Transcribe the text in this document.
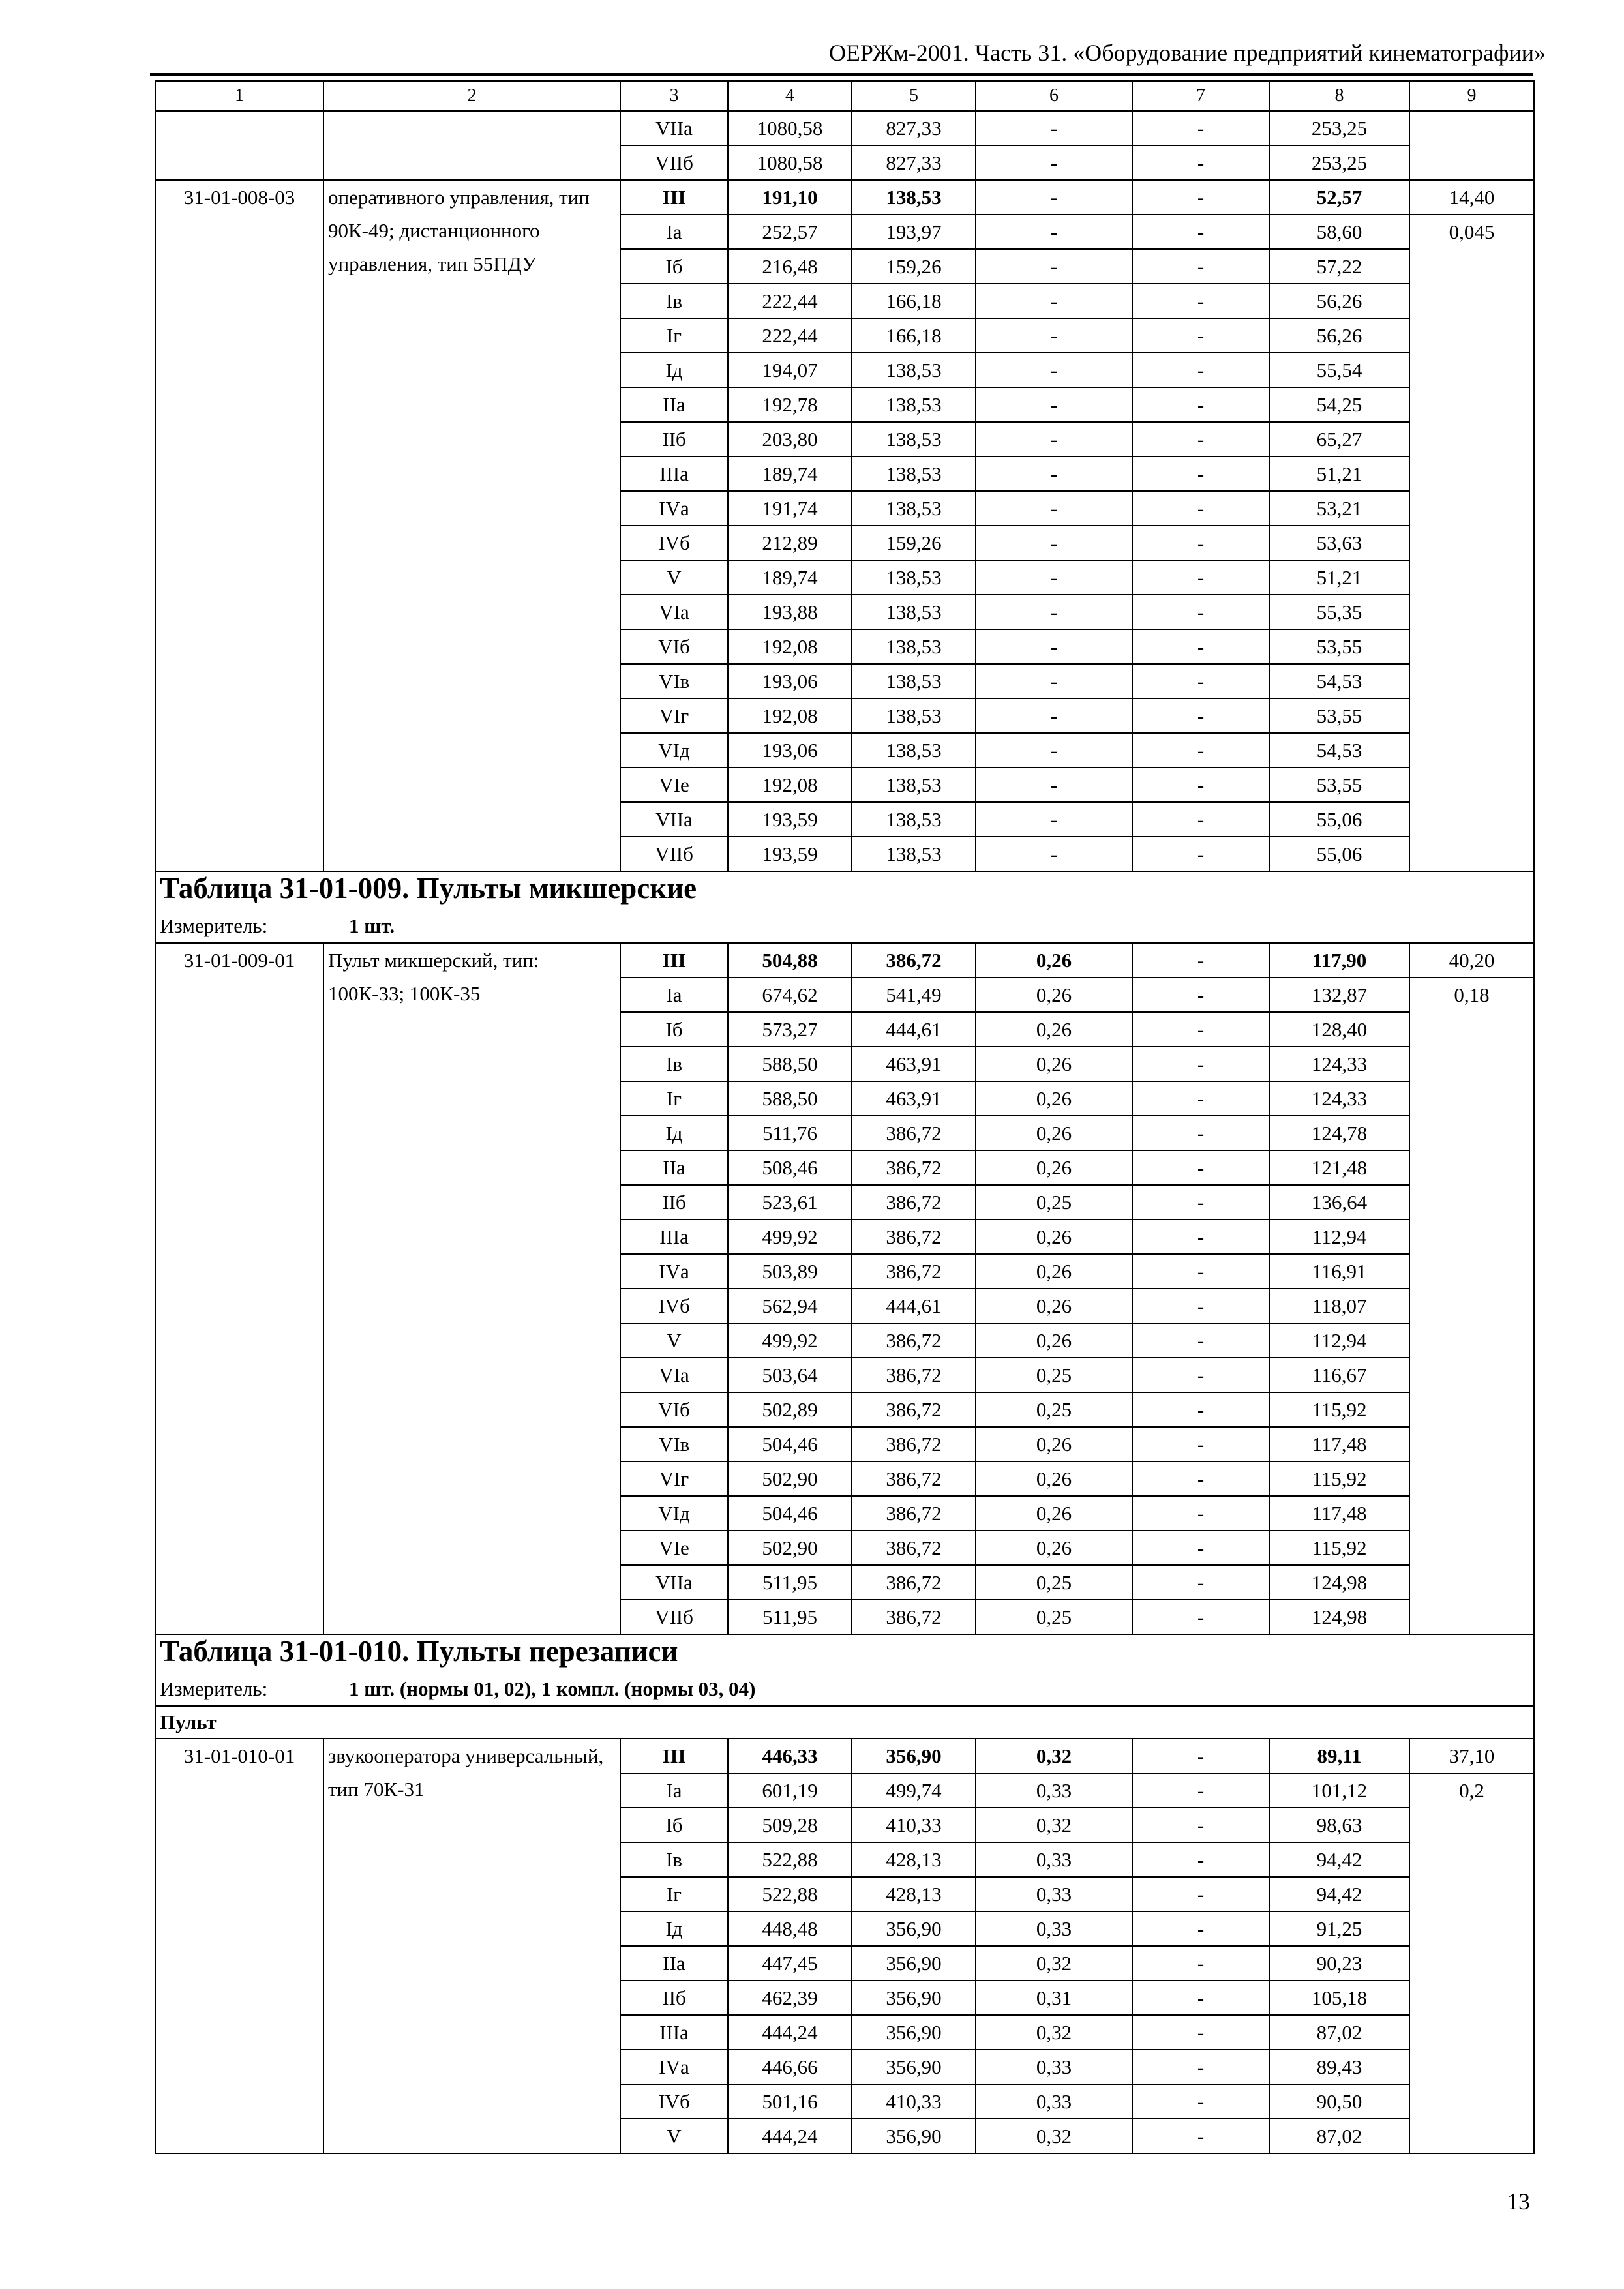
ОЕРЖм-2001. Часть 31. «Оборудование предприятий кинематографии»
1	2	3	4	5	6	7	8	9
		VIIа	1080,58	827,33	-	-	253,25	
		VIIб	1080,58	827,33	-	-	253,25	
31-01-008-03	оперативного управления, тип 90К-49; дистанционного управления, тип 55ПДУ	III	191,10	138,53	-	-	52,57	14,40
		Iа	252,57	193,97	-	-	58,60	0,045
		Iб	216,48	159,26	-	-	57,22	
		Iв	222,44	166,18	-	-	56,26	
		Iг	222,44	166,18	-	-	56,26	
		Iд	194,07	138,53	-	-	55,54	
		IIа	192,78	138,53	-	-	54,25	
		IIб	203,80	138,53	-	-	65,27	
		IIIа	189,74	138,53	-	-	51,21	
		IVа	191,74	138,53	-	-	53,21	
		IVб	212,89	159,26	-	-	53,63	
		V	189,74	138,53	-	-	51,21	
		VIа	193,88	138,53	-	-	55,35	
		VIб	192,08	138,53	-	-	53,55	
		VIв	193,06	138,53	-	-	54,53	
		VIг	192,08	138,53	-	-	53,55	
		VIд	193,06	138,53	-	-	54,53	
		VIе	192,08	138,53	-	-	53,55	
		VIIа	193,59	138,53	-	-	55,06	
		VIIб	193,59	138,53	-	-	55,06	
Таблица 31-01-009. Пульты микшерские								
Измеритель: 1 шт.								
31-01-009-01	Пульт микшерский, тип: 100К-33; 100К-35	III	504,88	386,72	0,26	-	117,90	40,20
		Iа	674,62	541,49	0,26	-	132,87	0,18
		Iб	573,27	444,61	0,26	-	128,40	
		Iв	588,50	463,91	0,26	-	124,33	
		Iг	588,50	463,91	0,26	-	124,33	
		Iд	511,76	386,72	0,26	-	124,78	
		IIа	508,46	386,72	0,26	-	121,48	
		IIб	523,61	386,72	0,25	-	136,64	
		IIIа	499,92	386,72	0,26	-	112,94	
		IVа	503,89	386,72	0,26	-	116,91	
		IVб	562,94	444,61	0,26	-	118,07	
		V	499,92	386,72	0,26	-	112,94	
		VIа	503,64	386,72	0,25	-	116,67	
		VIб	502,89	386,72	0,25	-	115,92	
		VIв	504,46	386,72	0,26	-	117,48	
		VIг	502,90	386,72	0,26	-	115,92	
		VIд	504,46	386,72	0,26	-	117,48	
		VIе	502,90	386,72	0,26	-	115,92	
		VIIа	511,95	386,72	0,25	-	124,98	
		VIIб	511,95	386,72	0,25	-	124,98	
Таблица 31-01-010. Пульты перезаписи								
Измеритель: 1 шт. (нормы 01, 02), 1 компл. (нормы 03, 04)								
Пульт								
31-01-010-01	звукооператора универсальный, тип 70К-31	III	446,33	356,90	0,32	-	89,11	37,10
		Iа	601,19	499,74	0,33	-	101,12	0,2
		Iб	509,28	410,33	0,32	-	98,63	
		Iв	522,88	428,13	0,33	-	94,42	
		Iг	522,88	428,13	0,33	-	94,42	
		Iд	448,48	356,90	0,33	-	91,25	
		IIа	447,45	356,90	0,32	-	90,23	
		IIб	462,39	356,90	0,31	-	105,18	
		IIIа	444,24	356,90	0,32	-	87,02	
		IVа	446,66	356,90	0,33	-	89,43	
		IVб	501,16	410,33	0,33	-	90,50	
		V	444,24	356,90	0,32	-	87,02	
13
